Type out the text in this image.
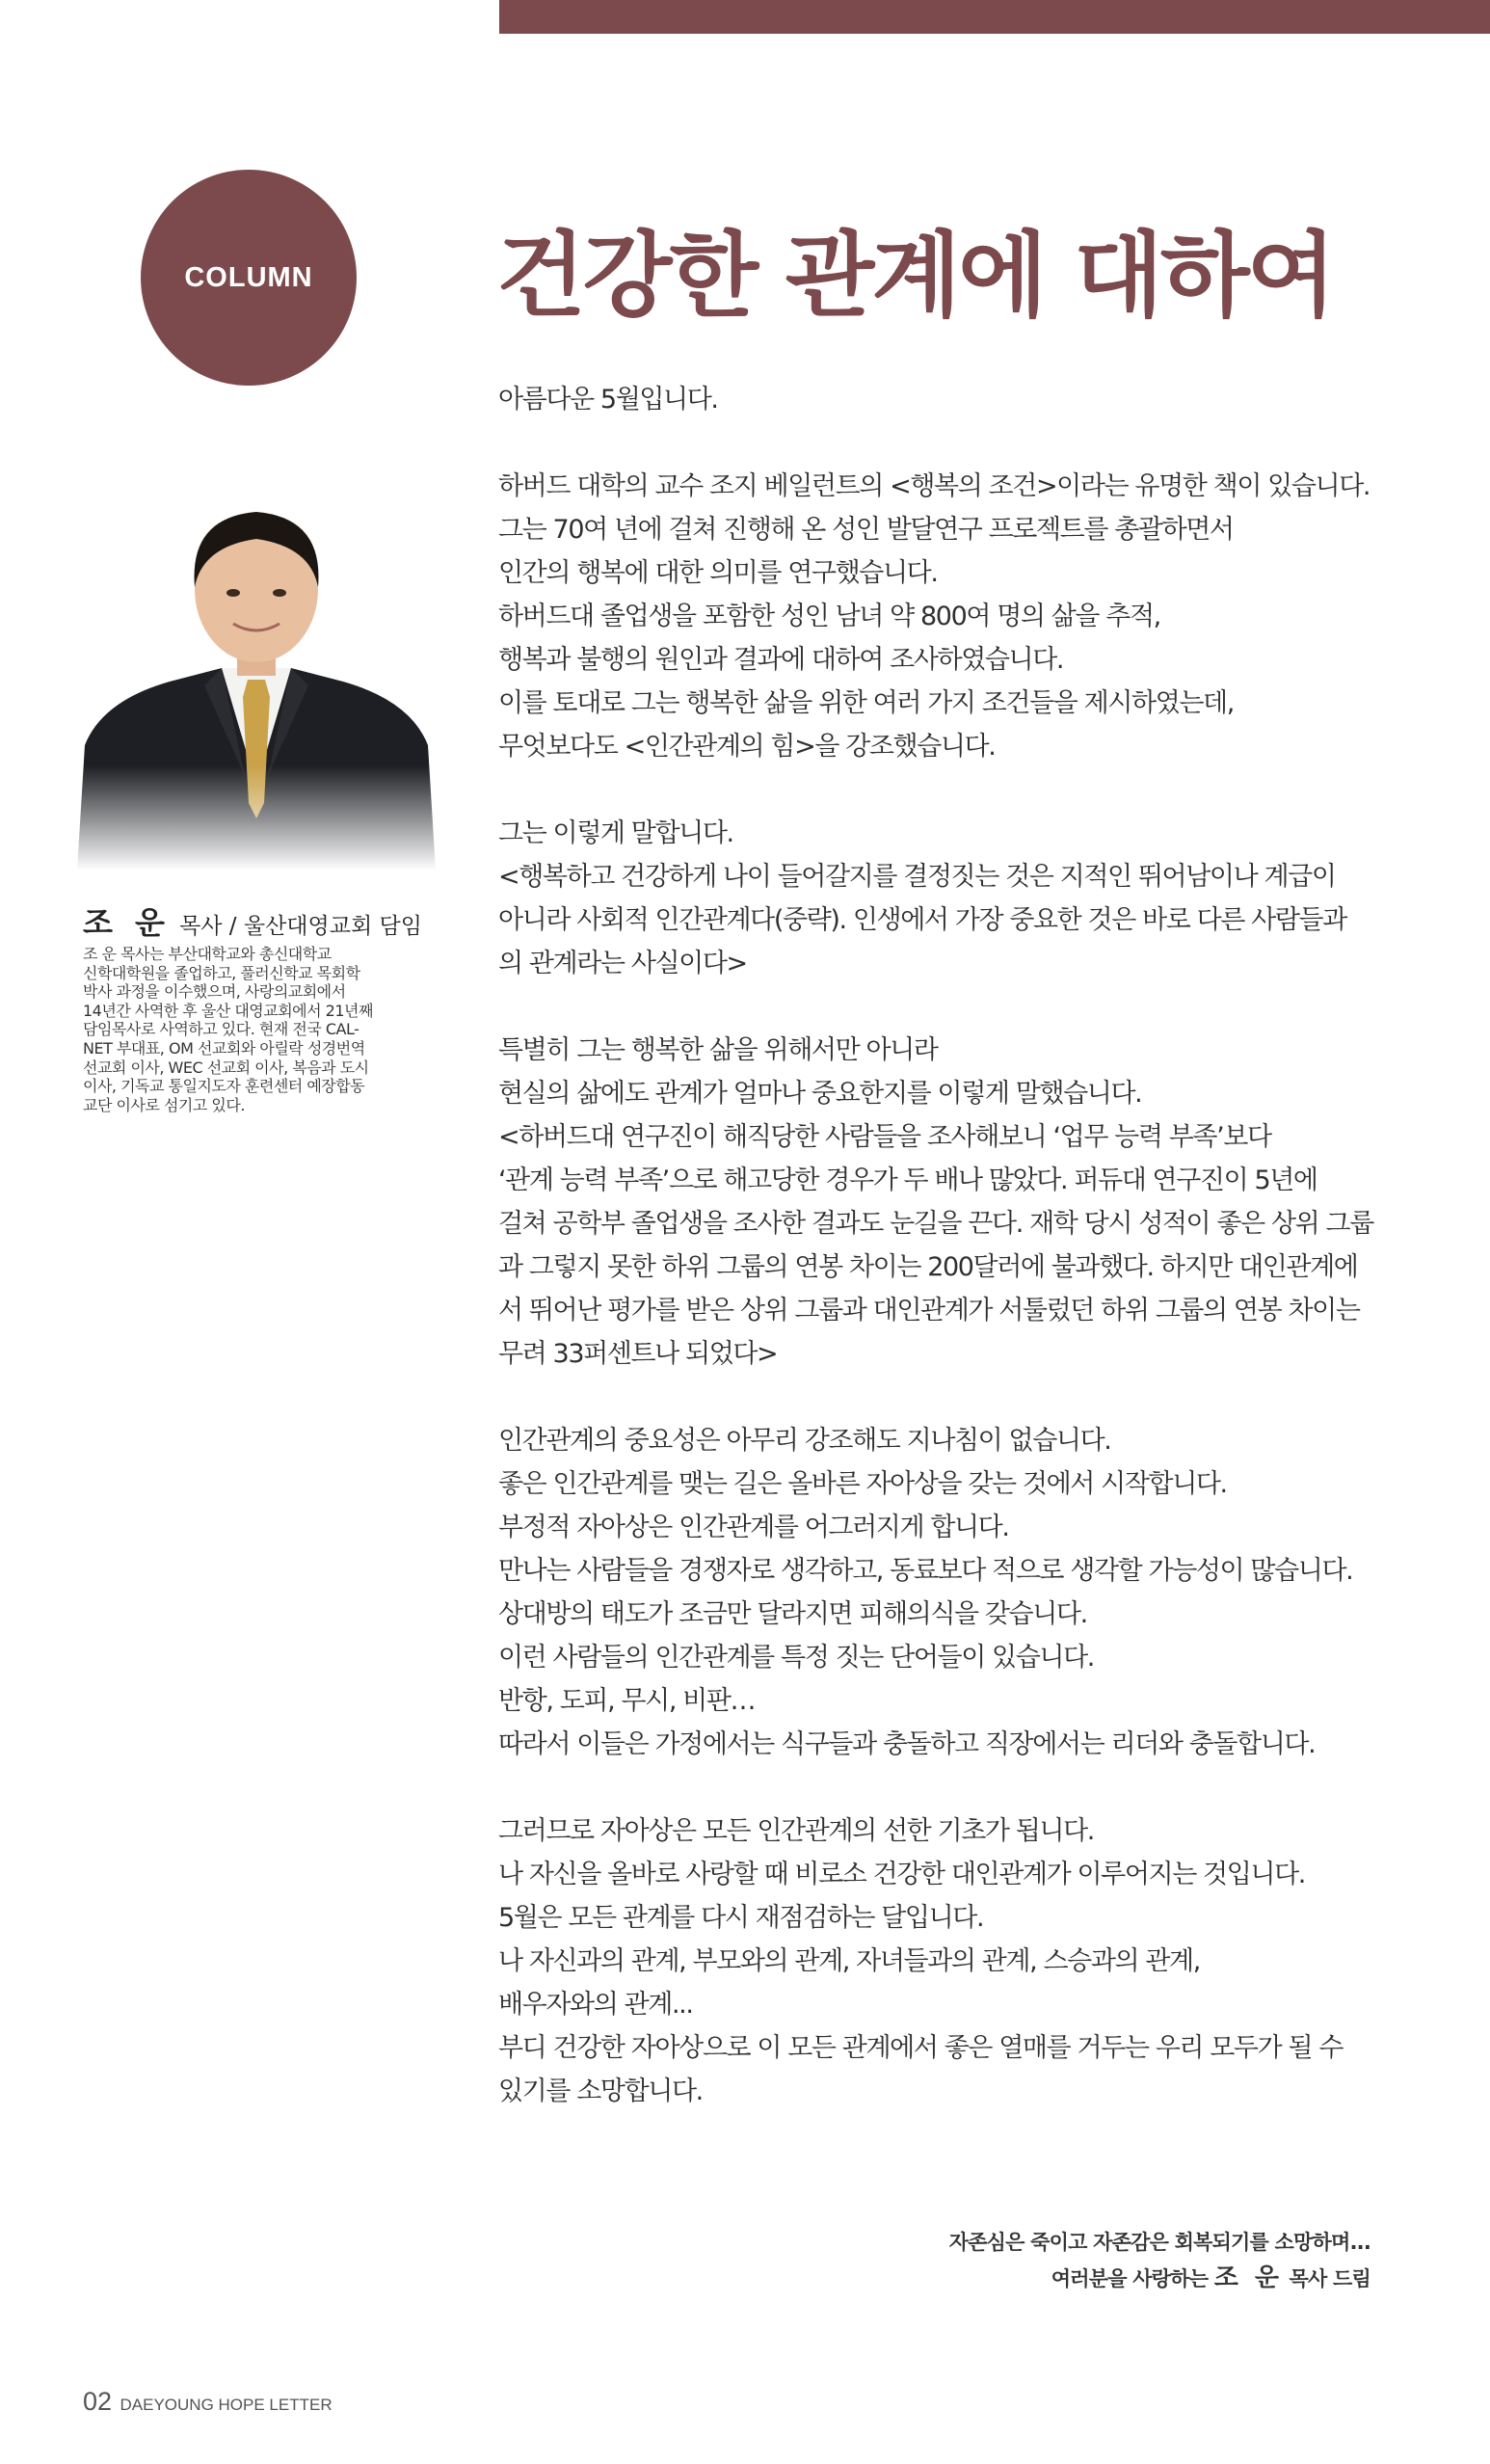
COLUMN 건강한 관계에 대하여
조 운 목사 / 울산대영교회 담임
조 운 목사는 부산대학교와 총신대학교
신학대학원을 졸업하고, 풀러신학교 목회학
박사 과정을 이수했으며, 사랑의교회에서
14년간 사역한 후 울산 대영교회에서 21년째
담임목사로 사역하고 있다. 현재 전국 CAL-
NET 부대표, OM 선교회와 아릴락 성경번역
선교회 이사, WEC 선교회 이사, 복음과 도시
이사, 기독교 통일지도자 훈련센터 예장합동
교단 이사로 섬기고 있다.
아름다운 5월입니다.
하버드 대학의 교수 조지 베일런트의 <행복의 조건>이라는 유명한 책이 있습니다.
그는 70여 년에 걸쳐 진행해 온 성인 발달연구 프로젝트를 총괄하면서
인간의 행복에 대한 의미를 연구했습니다.
하버드대 졸업생을 포함한 성인 남녀 약 800여 명의 삶을 추적,
행복과 불행의 원인과 결과에 대하여 조사하였습니다.
이를 토대로 그는 행복한 삶을 위한 여러 가지 조건들을 제시하였는데,
무엇보다도 <인간관계의 힘>을 강조했습니다.
그는 이렇게 말합니다.
<행복하고 건강하게 나이 들어갈지를 결정짓는 것은 지적인 뛰어남이나 계급이
아니라 사회적 인간관계다(중략). 인생에서 가장 중요한 것은 바로 다른 사람들과
의 관계라는 사실이다>
특별히 그는 행복한 삶을 위해서만 아니라
현실의 삶에도 관계가 얼마나 중요한지를 이렇게 말했습니다.
<하버드대 연구진이 해직당한 사람들을 조사해보니 ‘업무 능력 부족’보다
‘관계 능력 부족’으로 해고당한 경우가 두 배나 많았다. 퍼듀대 연구진이 5년에
걸쳐 공학부 졸업생을 조사한 결과도 눈길을 끈다. 재학 당시 성적이 좋은 상위 그룹
과 그렇지 못한 하위 그룹의 연봉 차이는 200달러에 불과했다. 하지만 대인관계에
서 뛰어난 평가를 받은 상위 그룹과 대인관계가 서툴렀던 하위 그룹의 연봉 차이는
무려 33퍼센트나 되었다>
인간관계의 중요성은 아무리 강조해도 지나침이 없습니다.
좋은 인간관계를 맺는 길은 올바른 자아상을 갖는 것에서 시작합니다.
부정적 자아상은 인간관계를 어그러지게 합니다.
만나는 사람들을 경쟁자로 생각하고, 동료보다 적으로 생각할 가능성이 많습니다.
상대방의 태도가 조금만 달라지면 피해의식을 갖습니다.
이런 사람들의 인간관계를 특정 짓는 단어들이 있습니다.
반항, 도피, 무시, 비판…
따라서 이들은 가정에서는 식구들과 충돌하고 직장에서는 리더와 충돌합니다.
그러므로 자아상은 모든 인간관계의 선한 기초가 됩니다.
나 자신을 올바로 사랑할 때 비로소 건강한 대인관계가 이루어지는 것입니다.
5월은 모든 관계를 다시 재점검하는 달입니다.
나 자신과의 관계, 부모와의 관계, 자녀들과의 관계, 스승과의 관계,
배우자와의 관계...
부디 건강한 자아상으로 이 모든 관계에서 좋은 열매를 거두는 우리 모두가 될 수
있기를 소망합니다.
자존심은 죽이고 자존감은 회복되기를 소망하며...
여러분을 사랑하는 조 운 목사 드림
02 DAEYOUNG HOPE LETTER
